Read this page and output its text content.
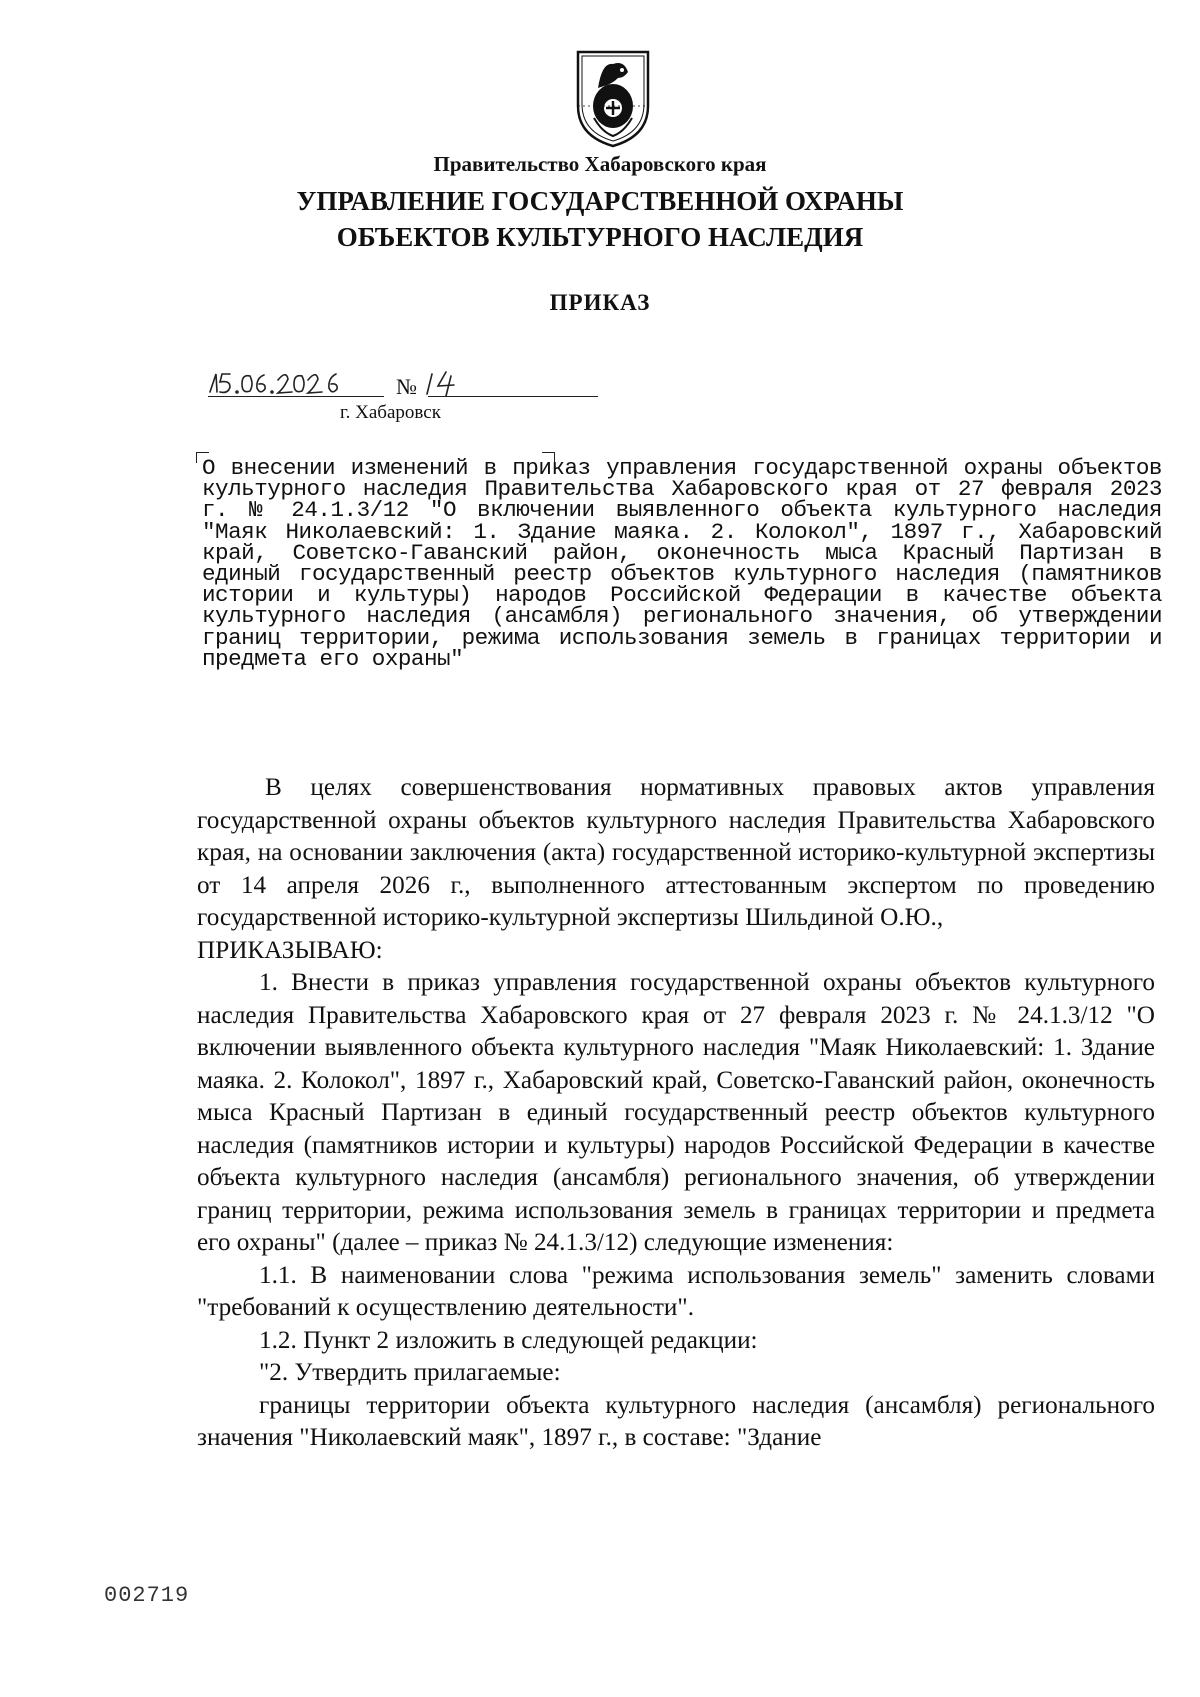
Правительство Хабаровского края
УПРАВЛЕНИЕ ГОСУДАРСТВЕННОЙ ОХРАНЫ
ОБЪЕКТОВ КУЛЬТУРНОГО НАСЛЕДИЯ
ПРИКАЗ
№
г. Хабаровск
О внесении изменений в приказ управления государственной охраны объектов культурного наследия Правительства Хабаровского края от 27 февраля 2023 г. № 24.1.3/12 "О включении выявленного объекта культурного наследия "Маяк Николаевский: 1. Здание маяка. 2. Колокол", 1897 г., Хабаровский край, Советско-Гаванский район, оконечность мыса Красный Партизан в единый государственный реестр объектов культурного наследия (памятников истории и культуры) народов Российской Федерации в качестве объекта культурного наследия (ансамбля) регионального значения, об утверждении границ территории, режима использования земель в границах территории и предмета его охраны"

В целях совершенствования нормативных правовых актов управления государственной охраны объектов культурного наследия Правительства Хабаровского края, на основании заключения (акта) государственной историко-культурной экспертизы от 14 апреля 2026 г., выполненного аттестованным экспертом по проведению государственной историко-культурной экспертизы Шильдиной О.Ю.,

ПРИКАЗЫВАЮ:

1. Внести в приказ управления государственной охраны объектов культурного наследия Правительства Хабаровского края от 27 февраля 2023 г. № 24.1.3/12 "О включении выявленного объекта культурного наследия "Маяк Николаевский: 1. Здание маяка. 2. Колокол", 1897 г., Хабаровский край, Советско-Гаванский район, оконечность мыса Красный Партизан в единый государственный реестр объектов культурного наследия (памятников истории и культуры) народов Российской Федерации в качестве объекта культурного наследия (ансамбля) регионального значения, об утверждении границ территории, режима использования земель в границах территории и предмета его охраны" (далее – приказ № 24.1.3/12) следующие изменения:

1.1. В наименовании слова "режима использования земель" заменить словами "требований к осуществлению деятельности".

1.2. Пункт 2 изложить в следующей редакции:

"2. Утвердить прилагаемые:

границы территории объекта культурного наследия (ансамбля) регионального значения "Николаевский маяк", 1897 г., в составе: "Здание

002719
